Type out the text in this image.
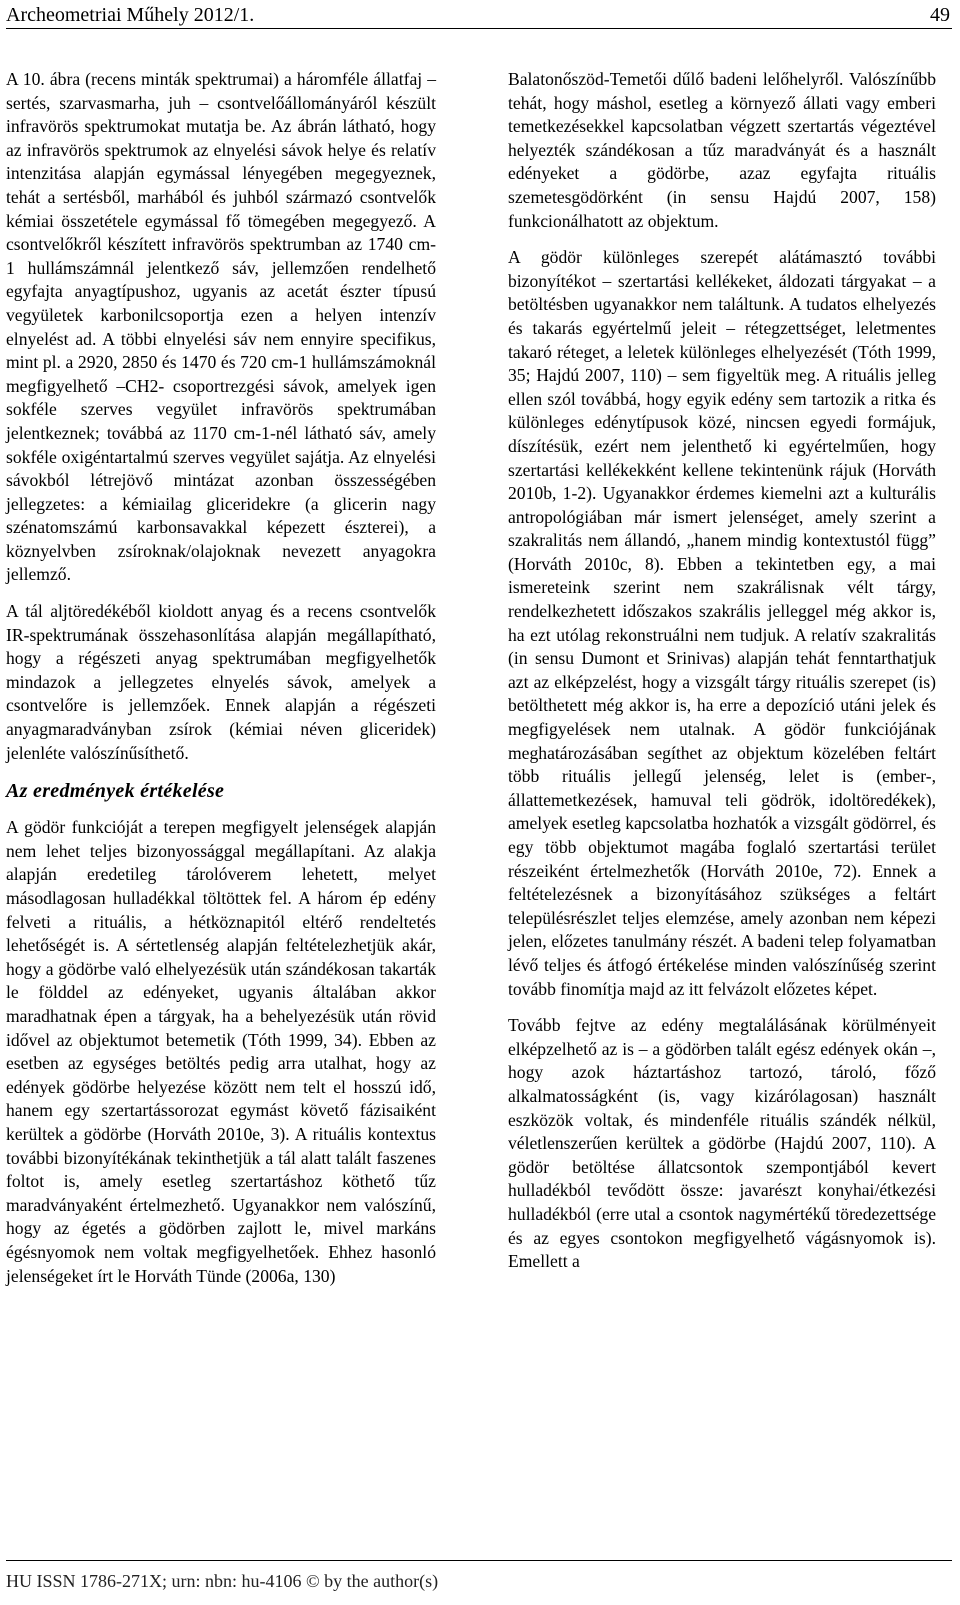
Archeometriai Műhely 2012/1.	49

A 10. ábra (recens minták spektrumai) a háromféle állatfaj – sertés, szarvasmarha, juh – csontvelőállományáról készült infravörös spektrumokat mutatja be. Az ábrán látható, hogy az infravörös spektrumok az elnyelési sávok helye és relatív intenzitása alapján egymással lényegében megegyeznek, tehát a sertésből, marhából és juhból származó csontvelők kémiai összetétele egymással fő tömegében megegyező. A csontvelőkről készített infravörös spektrumban az 1740 cm-1 hullámszámnál jelentkező sáv, jellemzően rendelhető egyfajta anyagtípushoz, ugyanis az acetát észter típusú vegyületek karbonilcsoportja ezen a helyen intenzív elnyelést ad. A többi elnyelési sáv nem ennyire specifikus, mint pl. a 2920, 2850 és 1470 és 720 cm-1 hullámszámoknál megfigyelhető –CH2- csoportrezgési sávok, amelyek igen sokféle szerves vegyület infravörös spektrumában jelentkeznek; továbbá az 1170 cm-1-nél látható sáv, amely sokféle oxigéntartalmú szerves vegyület sajátja. Az elnyelési sávokból létrejövő mintázat azonban összességében jellegzetes: a kémiailag gliceridekre (a glicerin nagy szénatomszámú karbonsavakkal képezett észterei), a köznyelvben zsíroknak/olajoknak nevezett anyagokra jellemző.

A tál aljtöredékéből kioldott anyag és a recens csontvelők IR-spektrumának összehasonlítása alapján megállapítható, hogy a régészeti anyag spektrumában megfigyelhetők mindazok a jellegzetes elnyelés sávok, amelyek a csontvelőre is jellemzőek. Ennek alapján a régészeti anyagmaradványban zsírok (kémiai néven gliceridek) jelenléte valószínűsíthető.

Az eredmények értékelése

A gödör funkcióját a terepen megfigyelt jelenségek alapján nem lehet teljes bizonyossággal megállapítani. Az alakja alapján eredetileg tárolóverem lehetett, melyet másodlagosan hulladékkal töltöttek fel. A három ép edény felveti a rituális, a hétköznapitól eltérő rendeltetés lehetőségét is. A sértetlenség alapján feltételezhetjük akár, hogy a gödörbe való elhelyezésük után szándékosan takarták le földdel az edényeket, ugyanis általában akkor maradhatnak épen a tárgyak, ha a behelyezésük után rövid idővel az objektumot betemetik (Tóth 1999, 34). Ebben az esetben az egységes betöltés pedig arra utalhat, hogy az edények gödörbe helyezése között nem telt el hosszú idő, hanem egy szertartássorozat egymást követő fázisaiként kerültek a gödörbe (Horváth 2010e, 3). A rituális kontextus további bizonyítékának tekinthetjük a tál alatt talált faszenes foltot is, amely esetleg szertartáshoz köthető tűz maradványaként értelmezhető. Ugyanakkor nem valószínű, hogy az égetés a gödörben zajlott le, mivel markáns égésnyomok nem voltak megfigyelhetőek. Ehhez hasonló jelenségeket írt le Horváth Tünde (2006a, 130)

Balatonőszöd-Temetői dűlő badeni lelőhelyről. Valószínűbb tehát, hogy máshol, esetleg a környező állati vagy emberi temetkezésekkel kapcsolatban végzett szertartás végeztével helyezték szándékosan a tűz maradványát és a használt edényeket a gödörbe, azaz egyfajta rituális szemetesgödörként (in sensu Hajdú 2007, 158) funkcionálhatott az objektum.

A gödör különleges szerepét alátámasztó további bizonyítékot – szertartási kellékeket, áldozati tárgyakat – a betöltésben ugyanakkor nem találtunk. A tudatos elhelyezés és takarás egyértelmű jeleit – rétegzettséget, leletmentes takaró réteget, a leletek különleges elhelyezését (Tóth 1999, 35; Hajdú 2007, 110) – sem figyeltük meg. A rituális jelleg ellen szól továbbá, hogy egyik edény sem tartozik a ritka és különleges edénytípusok közé, nincsen egyedi formájuk, díszítésük, ezért nem jelenthető ki egyértelműen, hogy szertartási kellékekként kellene tekintenünk rájuk (Horváth 2010b, 1-2). Ugyanakkor érdemes kiemelni azt a kulturális antropológiában már ismert jelenséget, amely szerint a szakralitás nem állandó, „hanem mindig kontextustól függ” (Horváth 2010c, 8). Ebben a tekintetben egy, a mai ismereteink szerint nem szakrálisnak vélt tárgy, rendelkezhetett időszakos szakrális jelleggel még akkor is, ha ezt utólag rekonstruálni nem tudjuk. A relatív szakralitás (in sensu Dumont et Srinivas) alapján tehát fenntarthatjuk azt az elképzelést, hogy a vizsgált tárgy rituális szerepet (is) betölthetett még akkor is, ha erre a depozíció utáni jelek és megfigyelések nem utalnak. A gödör funkciójának meghatározásában segíthet az objektum közelében feltárt több rituális jellegű jelenség, lelet is (ember-, állattemetkezések, hamuval teli gödrök, idoltöredékek), amelyek esetleg kapcsolatba hozhatók a vizsgált gödörrel, és egy több objektumot magába foglaló szertartási terület részeiként értelmezhetők (Horváth 2010e, 72). Ennek a feltételezésnek a bizonyításához szükséges a feltárt településrészlet teljes elemzése, amely azonban nem képezi jelen, előzetes tanulmány részét. A badeni telep folyamatban lévő teljes és átfogó értékelése minden valószínűség szerint tovább finomítja majd az itt felvázolt előzetes képet.

Tovább fejtve az edény megtalálásának körülményeit elképzelhető az is – a gödörben talált egész edények okán –, hogy azok háztartáshoz tartozó, tároló, főző alkalmatosságként (is, vagy kizárólagosan) használt eszközök voltak, és mindenféle rituális szándék nélkül, véletlenszerűen kerültek a gödörbe (Hajdú 2007, 110). A gödör betöltése állatcsontok szempontjából kevert hulladékból tevődött össze: javarészt konyhai/étkezési hulladékból (erre utal a csontok nagymértékű töredezettsége és az egyes csontokon megfigyelhető vágásnyomok is). Emellett a

HU ISSN 1786-271X; urn: nbn: hu-4106 © by the author(s)
